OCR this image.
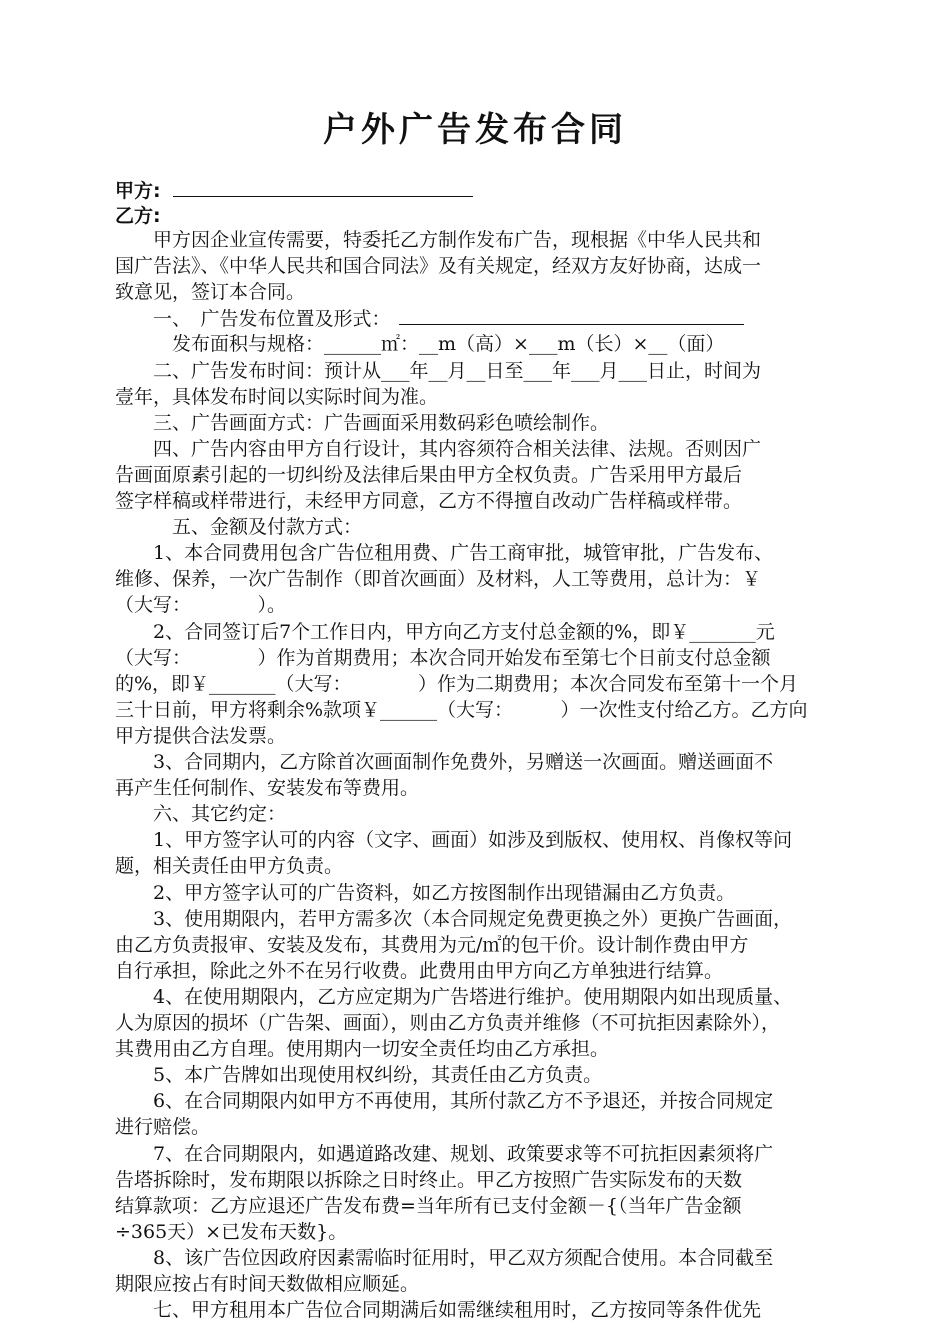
户外广告发布合同
甲方:
乙方:
　　甲方因企业宣传需要，特委托乙方制作发布广告，现根据《中华人民共和
国广告法》、《中华人民共和国合同法》及有关规定，经双方友好协商，达成一
致意见，签订本合同。
　　一、　广告发布位置及形式：
　　　发布面积与规格：______㎡：__m（高）×___m（长）×__（面）
　　二、广告发布时间：预计从___年__月__日至___年___月___日止，时间为
壹年，具体发布时间以实际时间为准。
　　三、广告画面方式：广告画面采用数码彩色喷绘制作。
　　四、广告内容由甲方自行设计，其内容须符合相关法律、法规。否则因广
告画面原素引起的一切纠纷及法律后果由甲方全权负责。广告采用甲方最后
签字样稿或样带进行，未经甲方同意，乙方不得擅自改动广告样稿或样带。
　　　五、金额及付款方式：
　　1、本合同费用包含广告位租用费、广告工商审批，城管审批，广告发布、
维修、保养，一次广告制作（即首次画面）及材料，人工等费用，总计为：￥
（大写：　　　　）。
　　2、合同签订后7个工作日内，甲方向乙方支付总金额的%，即￥_______元
（大写：　　　　）作为首期费用；本次合同开始发布至第七个日前支付总金额
的%，即￥_______（大写：　　　　）作为二期费用；本次合同发布至第十一个月
三十日前，甲方将剩余%款项￥______（大写：　　　）一次性支付给乙方。乙方向
甲方提供合法发票。
　　3、合同期内，乙方除首次画面制作免费外，另赠送一次画面。赠送画面不
再产生任何制作、安装发布等费用。
　　六、其它约定：
　　1、甲方签字认可的内容（文字、画面）如涉及到版权、使用权、肖像权等问
题，相关责任由甲方负责。
　　2、甲方签字认可的广告资料，如乙方按图制作出现错漏由乙方负责。
　　3、使用期限内，若甲方需多次（本合同规定免费更换之外）更换广告画面，
由乙方负责报审、安装及发布，其费用为元/㎡的包干价。设计制作费由甲方
自行承担，除此之外不在另行收费。此费用由甲方向乙方单独进行结算。
　　4、在使用期限内，乙方应定期为广告塔进行维护。使用期限内如出现质量、
人为原因的损坏（广告架、画面），则由乙方负责并维修（不可抗拒因素除外），
其费用由乙方自理。使用期内一切安全责任均由乙方承担。
　　5、本广告牌如出现使用权纠纷，其责任由乙方负责。
　　6、在合同期限内如甲方不再使用，其所付款乙方不予退还，并按合同规定
进行赔偿。
　　7、在合同期限内，如遇道路改建、规划、政策要求等不可抗拒因素须将广
告塔拆除时，发布期限以拆除之日时终止。甲乙方按照广告实际发布的天数
结算款项：乙方应退还广告发布费=当年所有已支付金额－{（当年广告金额
÷365天）×已发布天数}。
　　8、该广告位因政府因素需临时征用时，甲乙双方须配合使用。本合同截至
期限应按占有时间天数做相应顺延。
　　七、甲方租用本广告位合同期满后如需继续租用时，乙方按同等条件优先
